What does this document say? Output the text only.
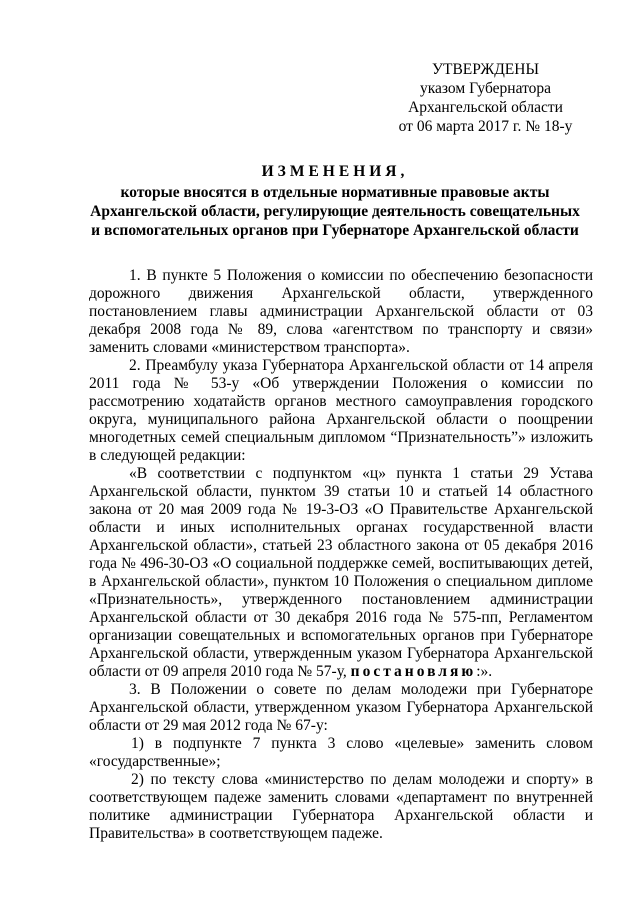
УТВЕРЖДЕНЫ
указом Губернатора
Архангельской области
от 06 марта 2017 г. № 18-у
ИЗМЕНЕНИЯ,
которые вносятся в отдельные нормативные правовые акты
Архангельской области, регулирующие деятельность совещательных
и вспомогательных органов при Губернаторе Архангельской области

1. В пункте 5 Положения о комиссии по обеспечению безопасности дорожного движения Архангельской области, утвержденного постановлением главы администрации Архангельской области от 03 декабря 2008 года № 89, слова «агентством по транспорту и связи» заменить словами «министерством транспорта».

2. Преамбулу указа Губернатора Архангельской области от 14 апреля 2011 года № 53-у «Об утверждении Положения о комиссии по рассмотрению ходатайств органов местного самоуправления городского округа, муниципального района Архангельской области о поощрении многодетных семей специальным дипломом “Признательность”» изложить в следующей редакции:

«В соответствии с подпунктом «ц» пункта 1 статьи 29 Устава Архангельской области, пунктом 39 статьи 10 и статьей 14 областного закона от 20 мая 2009 года № 19-3-ОЗ «О Правительстве Архангельской области и иных исполнительных органах государственной власти Архангельской области», статьей 23 областного закона от 05 декабря 2016 года № 496-30-ОЗ «О социальной поддержке семей, воспитывающих детей, в Архангельской области», пунктом 10 Положения о специальном дипломе «Признательность», утвержденного постановлением администрации Архангельской области от 30 декабря 2016 года № 575-пп, Регламентом организации совещательных и вспомогательных органов при Губернаторе Архангельской области, утвержденным указом Губернатора Архангельской области от 09 апреля 2010 года № 57-у, постановляю:».

3. В Положении о совете по делам молодежи при Губернаторе Архангельской области, утвержденном указом Губернатора Архангельской области от 29 мая 2012 года № 67-у:

1) в подпункте 7 пункта 3 слово «целевые» заменить словом «государственные»;

2) по тексту слова «министерство по делам молодежи и спорту» в соответствующем падеже заменить словами «департамент по внутренней политике администрации Губернатора Архангельской области и Правительства» в соответствующем падеже.
